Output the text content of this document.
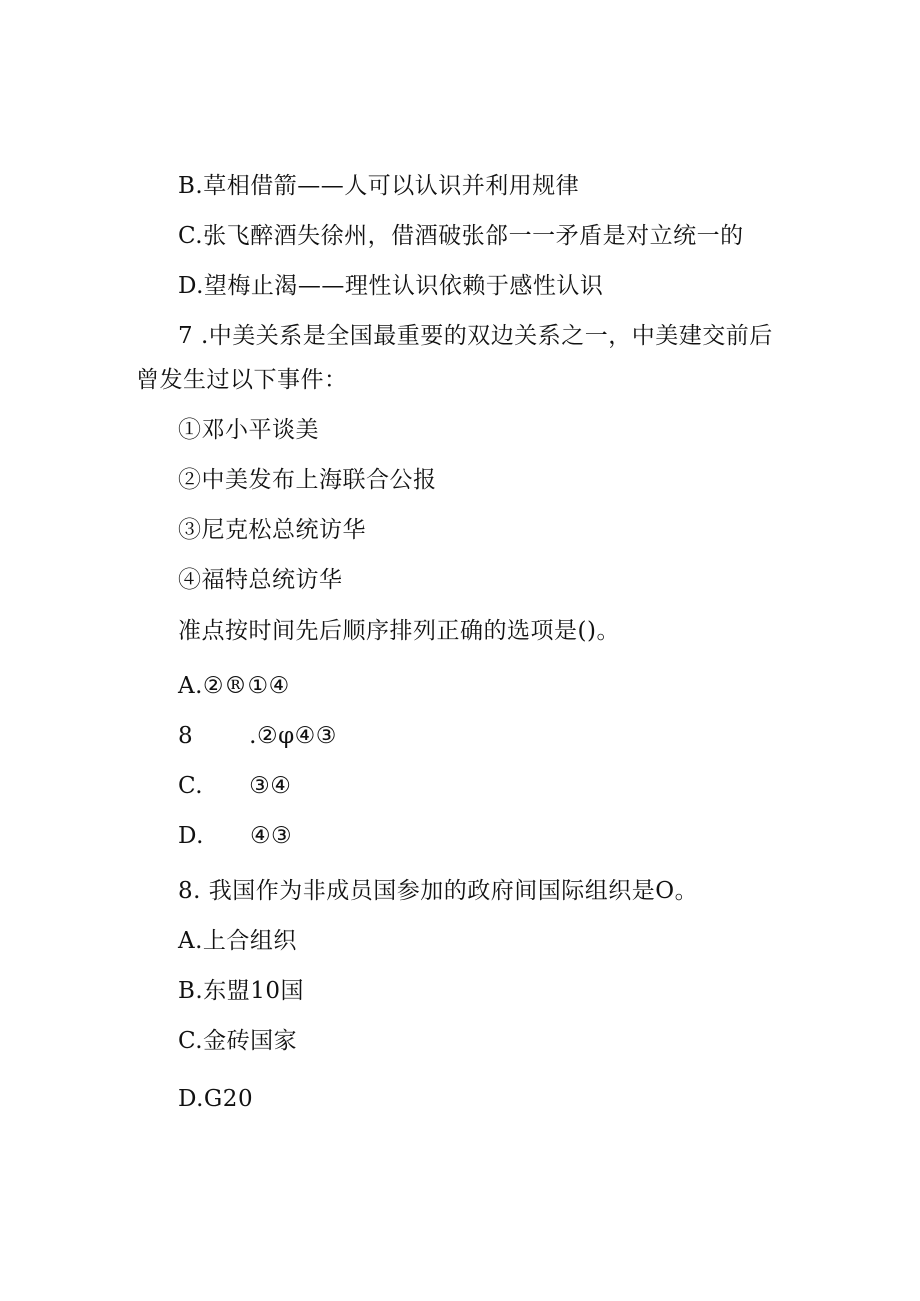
B.草相借箭——人可以认识并利用规律
C.张飞醉酒失徐州，借酒破张郃一一矛盾是对立统一的
D.望梅止渴——理性认识依赖于感性认识
7 .中美关系是全国最重要的双边关系之一，中美建交前后
曾发生过以下事件：
①邓小平谈美
②中美发布上海联合公报
③尼克松总统访华
④福特总统访华
准点按时间先后顺序排列正确的选项是()。
A.②®①④
8 .②φ④③
C. ③④
D. ④③
8. 我国作为非成员国参加的政府间国际组织是O。
A.上合组织
B.东盟10国
C.金砖国家
D.G20
